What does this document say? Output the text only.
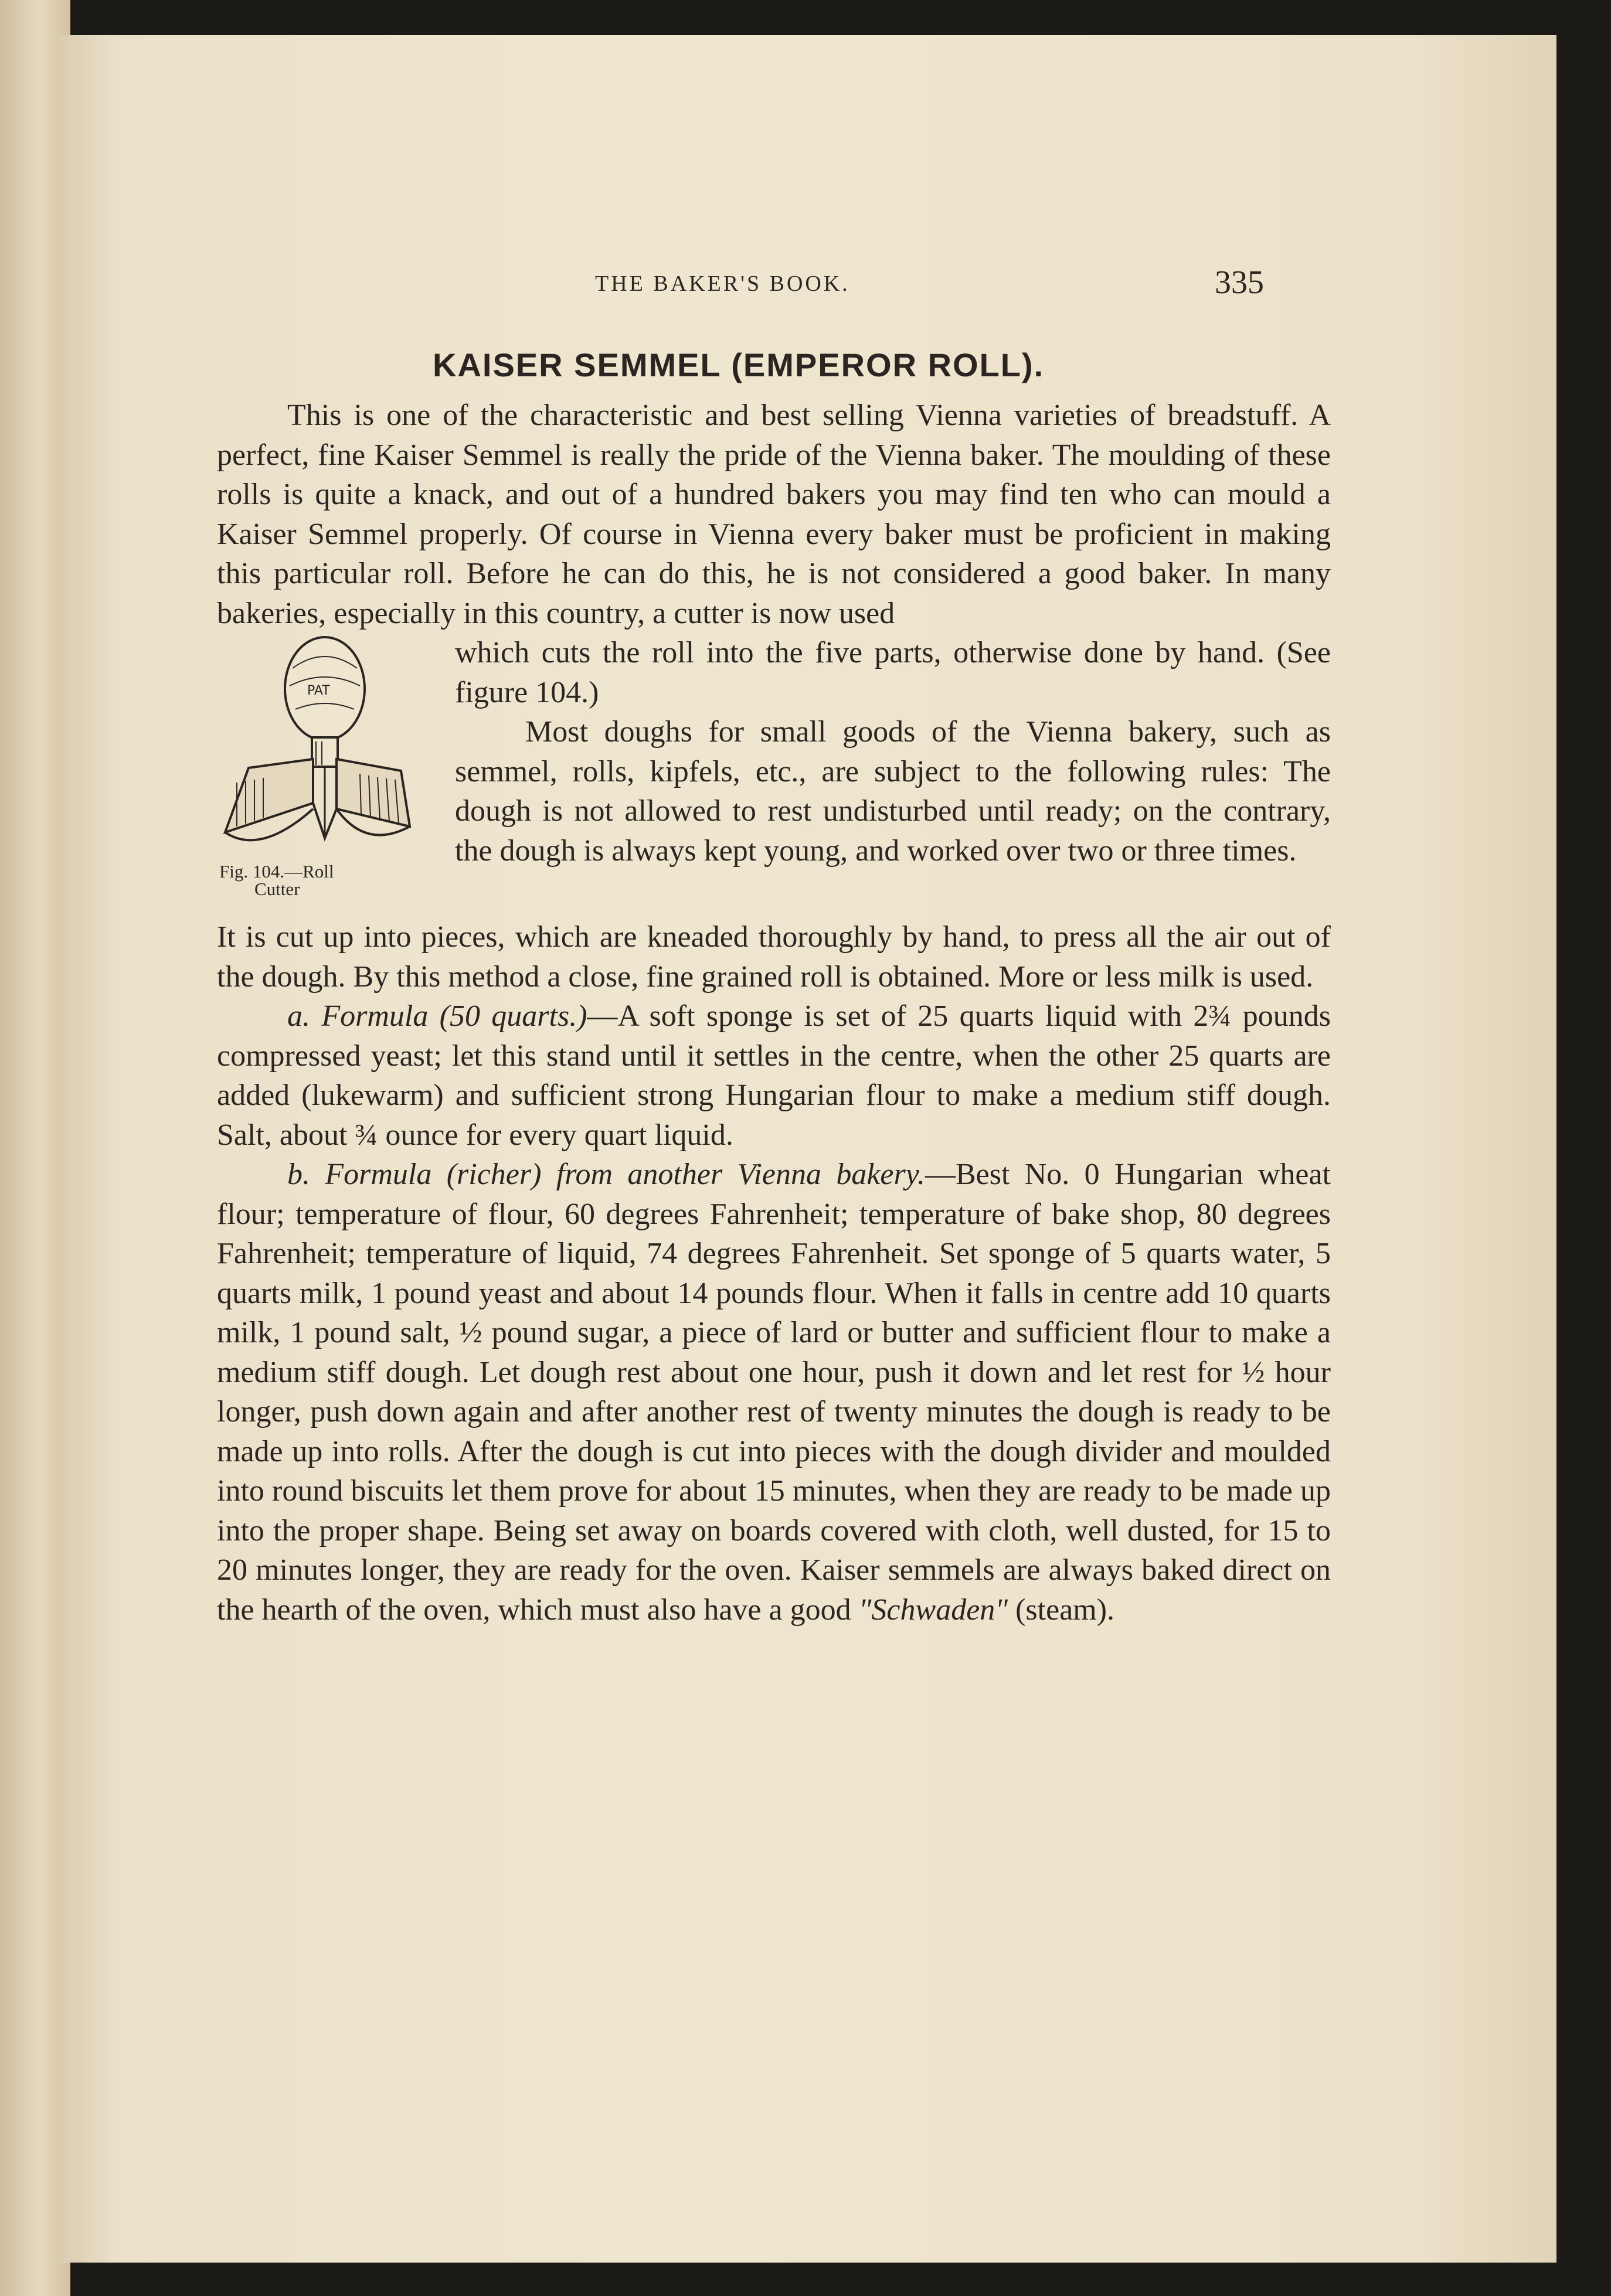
THE BAKER'S BOOK.	335
KAISER SEMMEL (EMPEROR ROLL).

This is one of the characteristic and best selling Vienna varieties of breadstuff. A perfect, fine Kaiser Semmel is really the pride of the Vienna baker. The moulding of these rolls is quite a knack, and out of a hundred bakers you may find ten who can mould a Kaiser Semmel properly. Of course in Vienna every baker must be proficient in making this particular roll. Before he can do this, he is not considered a good baker. In many bakeries, especially in this country, a cutter is now used

PAT
Fig. 104.—Roll
Cutter

which cuts the roll into the five parts, otherwise done by hand. (See figure 104.)

Most doughs for small goods of the Vienna bakery, such as semmel, rolls, kipfels, etc., are subject to the following rules: The dough is not allowed to rest undisturbed until ready; on the contrary, the dough is always kept young, and worked over two or three times.

It is cut up into pieces, which are kneaded thoroughly by hand, to press all the air out of the dough. By this method a close, fine grained roll is obtained. More or less milk is used.

a. Formula (50 quarts.)—A soft sponge is set of 25 quarts liquid with 2¾ pounds compressed yeast; let this stand until it settles in the centre, when the other 25 quarts are added (lukewarm) and sufficient strong Hungarian flour to make a medium stiff dough. Salt, about ¾ ounce for every quart liquid.

b. Formula (richer) from another Vienna bakery.—Best No. 0 Hungarian wheat flour; temperature of flour, 60 degrees Fahrenheit; temperature of bake shop, 80 degrees Fahrenheit; temperature of liquid, 74 degrees Fahrenheit. Set sponge of 5 quarts water, 5 quarts milk, 1 pound yeast and about 14 pounds flour. When it falls in centre add 10 quarts milk, 1 pound salt, ½ pound sugar, a piece of lard or butter and sufficient flour to make a medium stiff dough. Let dough rest about one hour, push it down and let rest for ½ hour longer, push down again and after another rest of twenty minutes the dough is ready to be made up into rolls. After the dough is cut into pieces with the dough divider and moulded into round biscuits let them prove for about 15 minutes, when they are ready to be made up into the proper shape. Being set away on boards covered with cloth, well dusted, for 15 to 20 minutes longer, they are ready for the oven. Kaiser semmels are always baked direct on the hearth of the oven, which must also have a good "Schwaden" (steam).
